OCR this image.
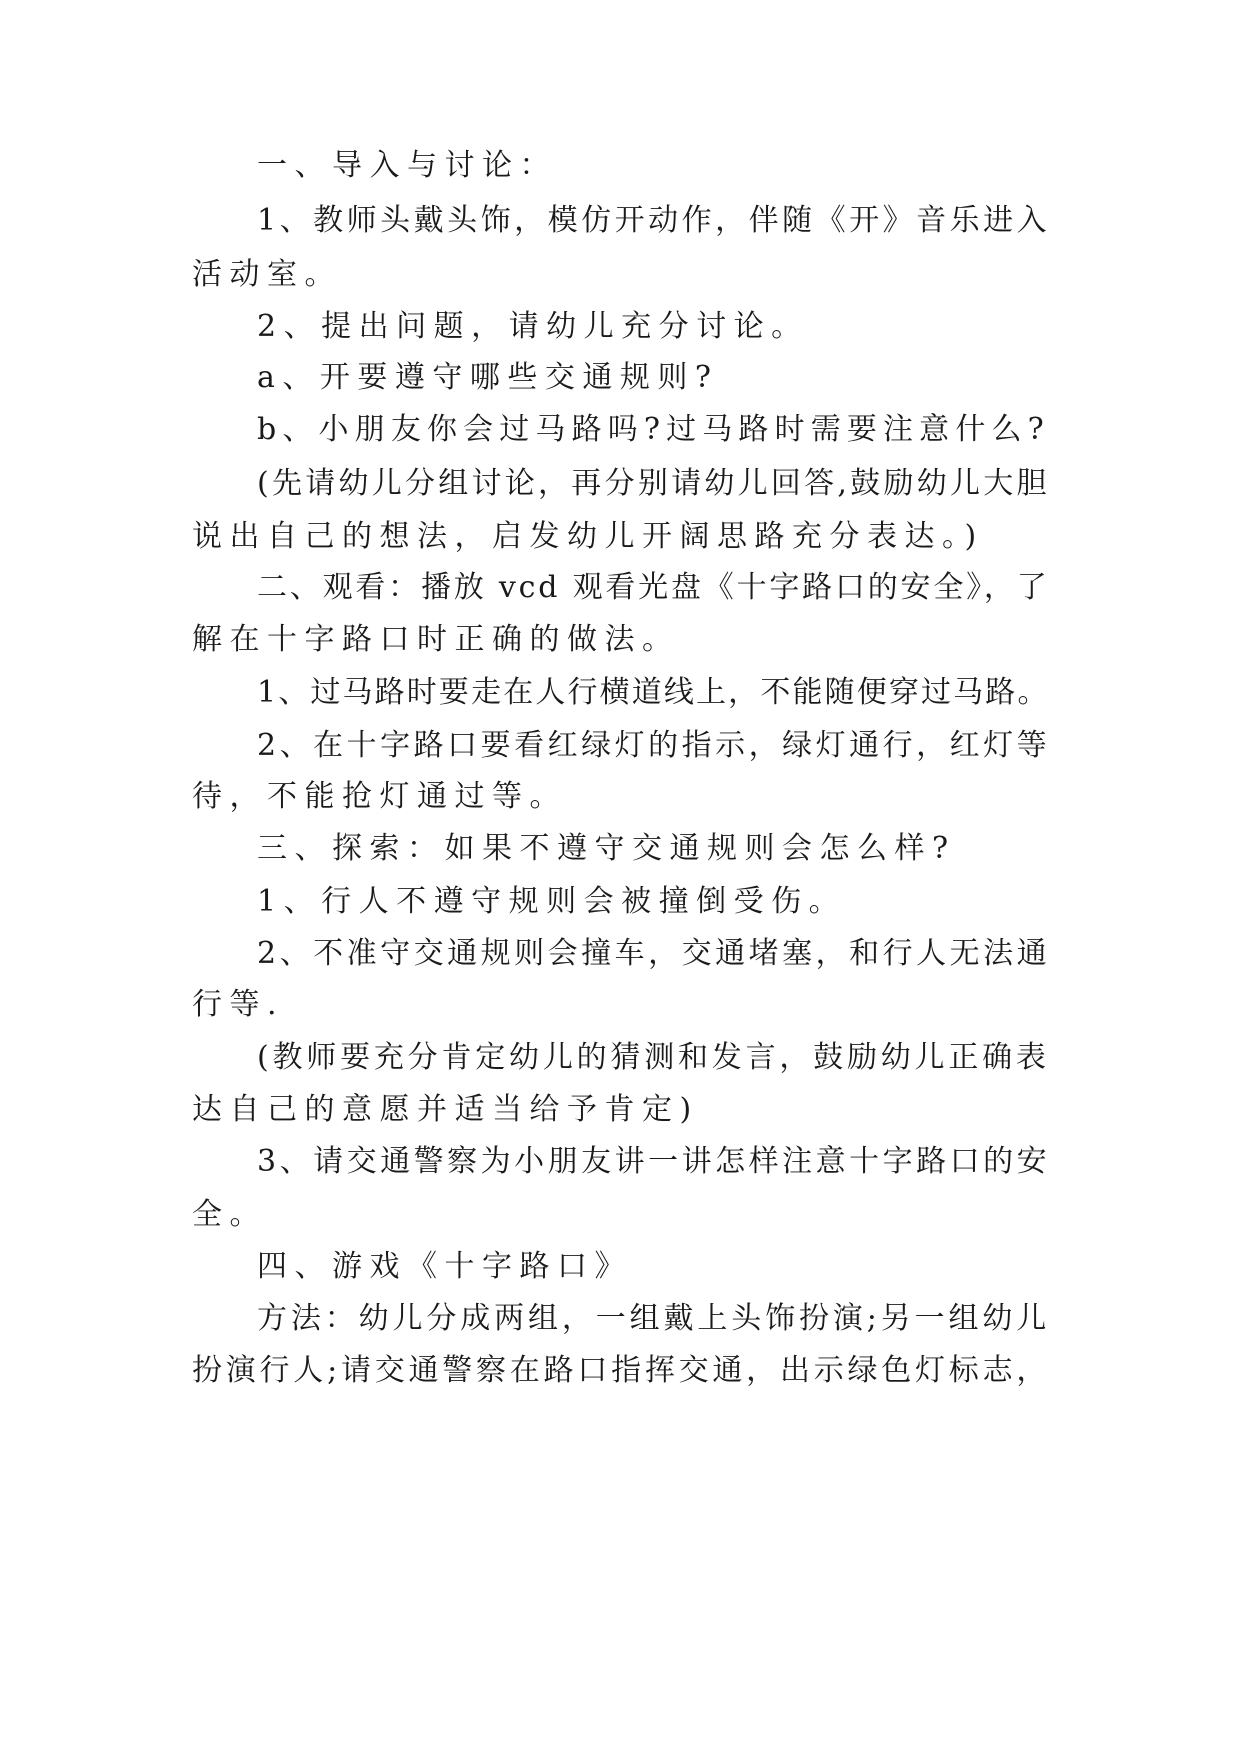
一、导入与讨论：
1、教师头戴头饰，模仿开动作，伴随《开》音乐进入
活动室。
2、提出问题，请幼儿充分讨论。
a、开要遵守哪些交通规则?
b、小朋友你会过马路吗?过马路时需要注意什么?
(先请幼儿分组讨论，再分别请幼儿回答,鼓励幼儿大胆
说出自己的想法，启发幼儿开阔思路充分表达。)
二、观看：播放 vcd 观看光盘《十字路口的安全》，了
解在十字路口时正确的做法。
1、过马路时要走在人行横道线上，不能随便穿过马路。
2、在十字路口要看红绿灯的指示，绿灯通行，红灯等
待，不能抢灯通过等。
三、探索：如果不遵守交通规则会怎么样?
1、行人不遵守规则会被撞倒受伤。
2、不准守交通规则会撞车，交通堵塞，和行人无法通
行等.
(教师要充分肯定幼儿的猜测和发言，鼓励幼儿正确表
达自己的意愿并适当给予肯定)
3、请交通警察为小朋友讲一讲怎样注意十字路口的安
全。
四、游戏《十字路口》
方法：幼儿分成两组，一组戴上头饰扮演;另一组幼儿
扮演行人;请交通警察在路口指挥交通，出示绿色灯标志，
